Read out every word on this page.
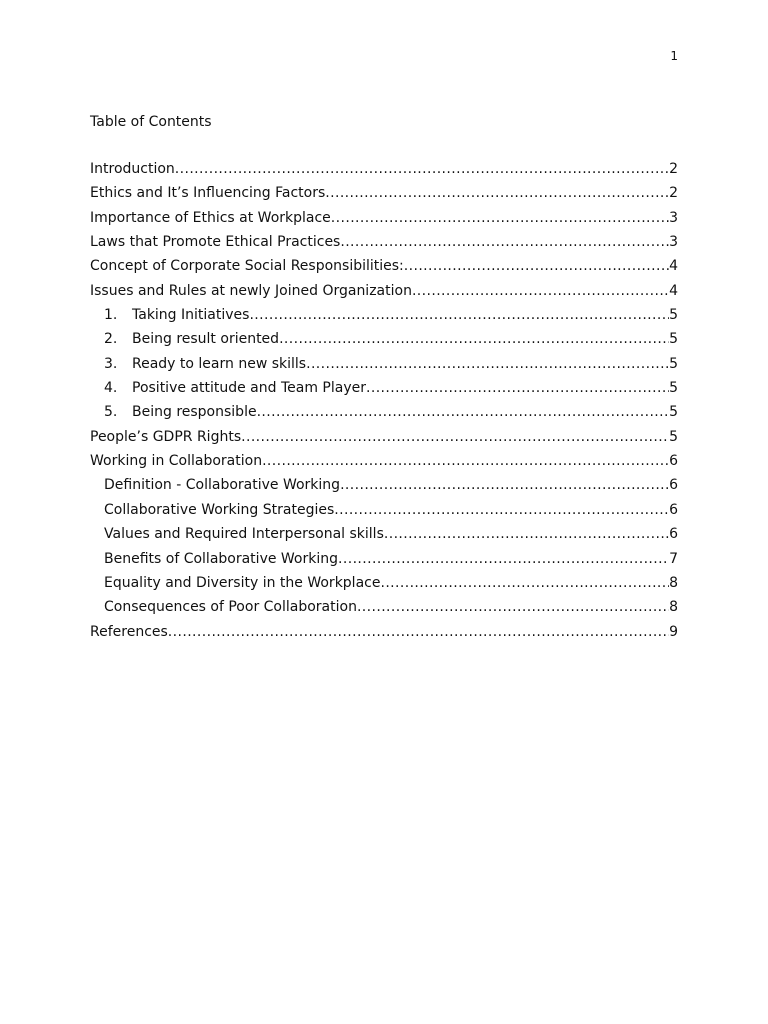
1
Table of Contents
Introduction .....	2
Ethics and It’s Influencing Factors .....	2
Importance of Ethics at Workplace .....	3
Laws that Promote Ethical Practices .....	3
Concept of Corporate Social Responsibilities: .....	4
Issues and Rules at newly Joined Organization .....	4
1.	Taking Initiatives .....	5
2.	Being result oriented .....	5
3.	Ready to learn new skills .....	5
4.	Positive attitude and Team Player .....	5
5.	Being responsible .....	5
People’s GDPR Rights .....	5
Working in Collaboration .....	6
Definition - Collaborative Working .....	6
Collaborative Working Strategies .....	6
Values and Required Interpersonal skills .....	6
Benefits of Collaborative Working .....	7
Equality and Diversity in the Workplace .....	8
Consequences of Poor Collaboration .....	8
References .....	9
